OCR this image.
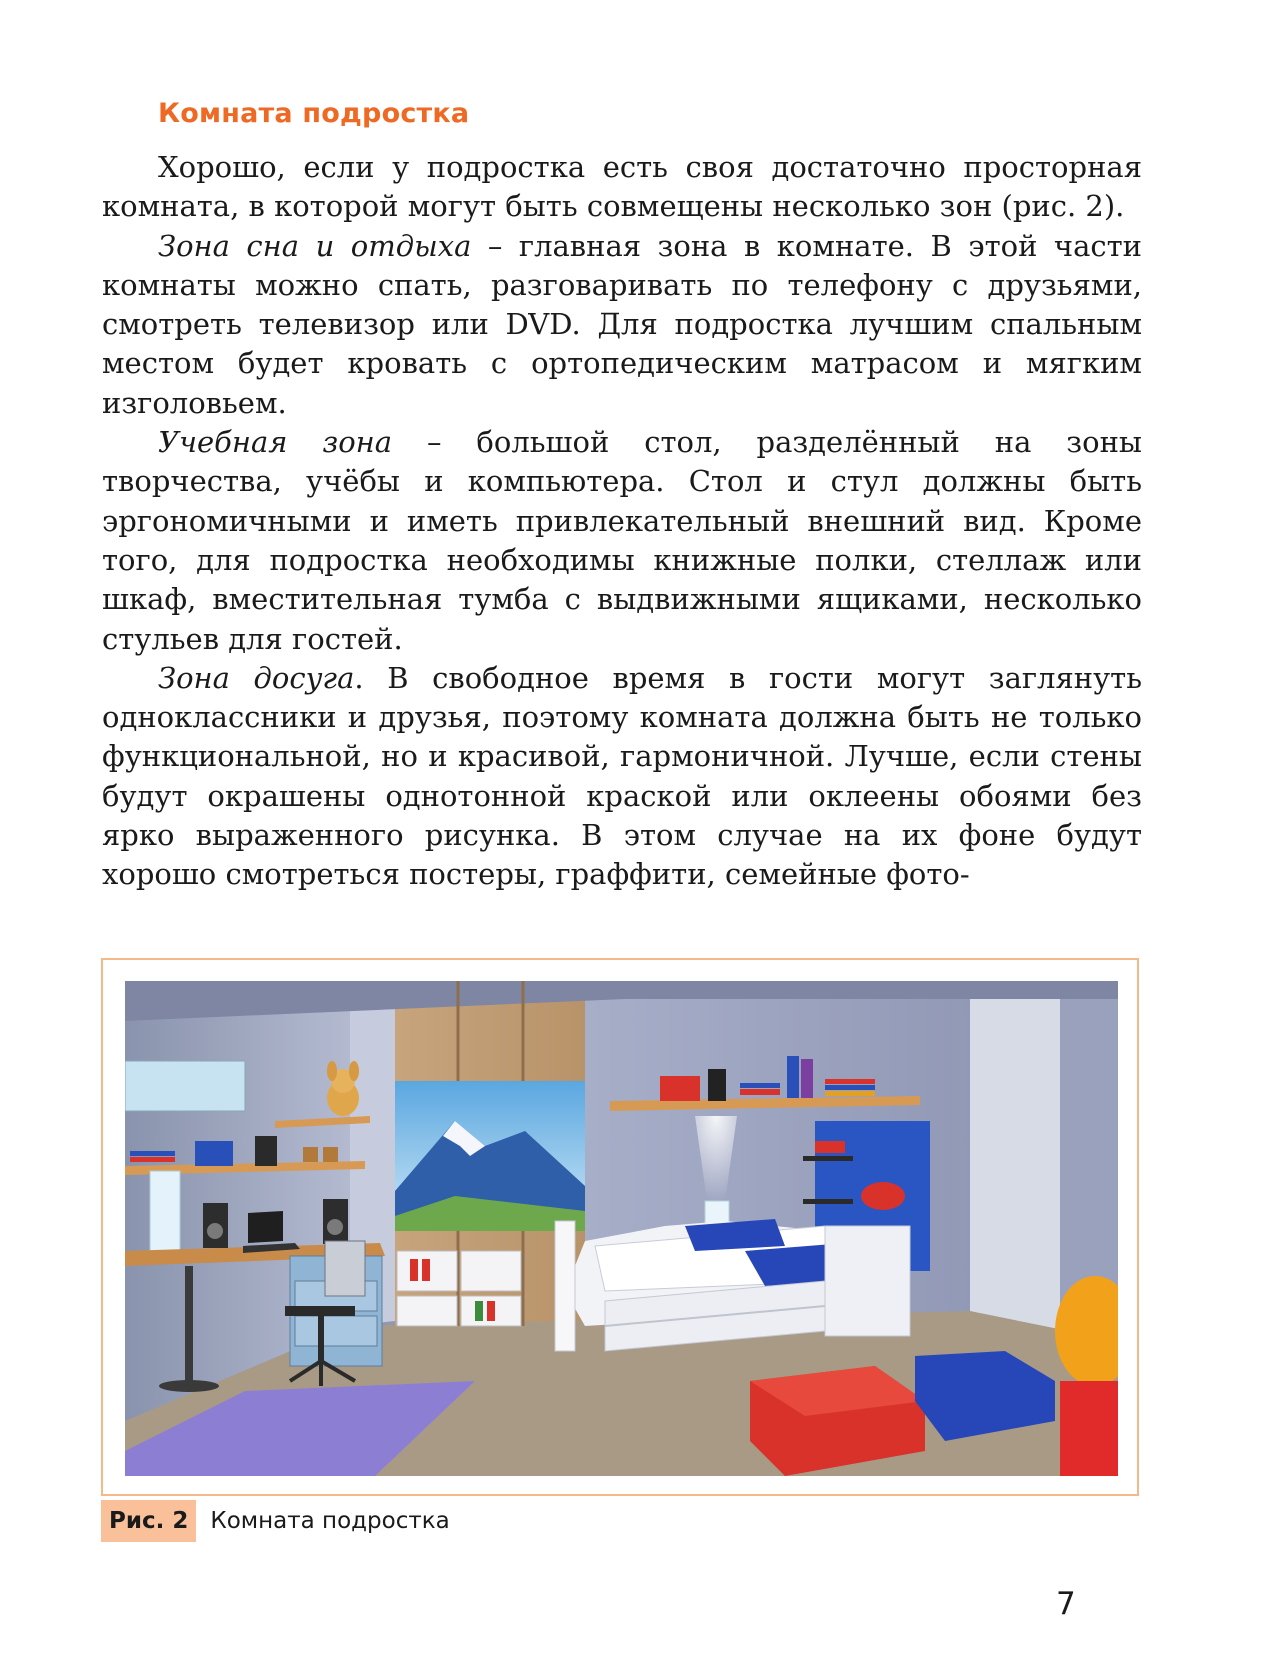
Комната подростка

Хорошо, если у подростка есть своя достаточно просторная комната, в которой могут быть совмещены несколько зон (рис. 2).

Зона сна и отдыха – главная зона в комнате. В этой части комнаты можно спать, разговаривать по телефону с друзьями, смотреть телевизор или DVD. Для подростка лучшим спальным местом будет кровать с ортопедическим матрасом и мягким изголовьем.

Учебная зона – большой стол, разделённый на зоны творчества, учёбы и компьютера. Стол и стул должны быть эргономичными и иметь привлекательный внешний вид. Кроме того, для подростка необходимы книжные полки, стеллаж или шкаф, вместительная тумба с выдвижными ящиками, несколько стульев для гостей.

Зона досуга. В свободное время в гости могут заглянуть одноклассники и друзья, поэтому комната должна быть не только функциональной, но и красивой, гармоничной. Лучше, если стены будут окрашены однотонной краской или оклеены обоями без ярко выраженного рисунка. В этом случае на их фоне будут хорошо смотреться постеры, граффити, семейные фото-

Рис. 2 Комната подростка
7
